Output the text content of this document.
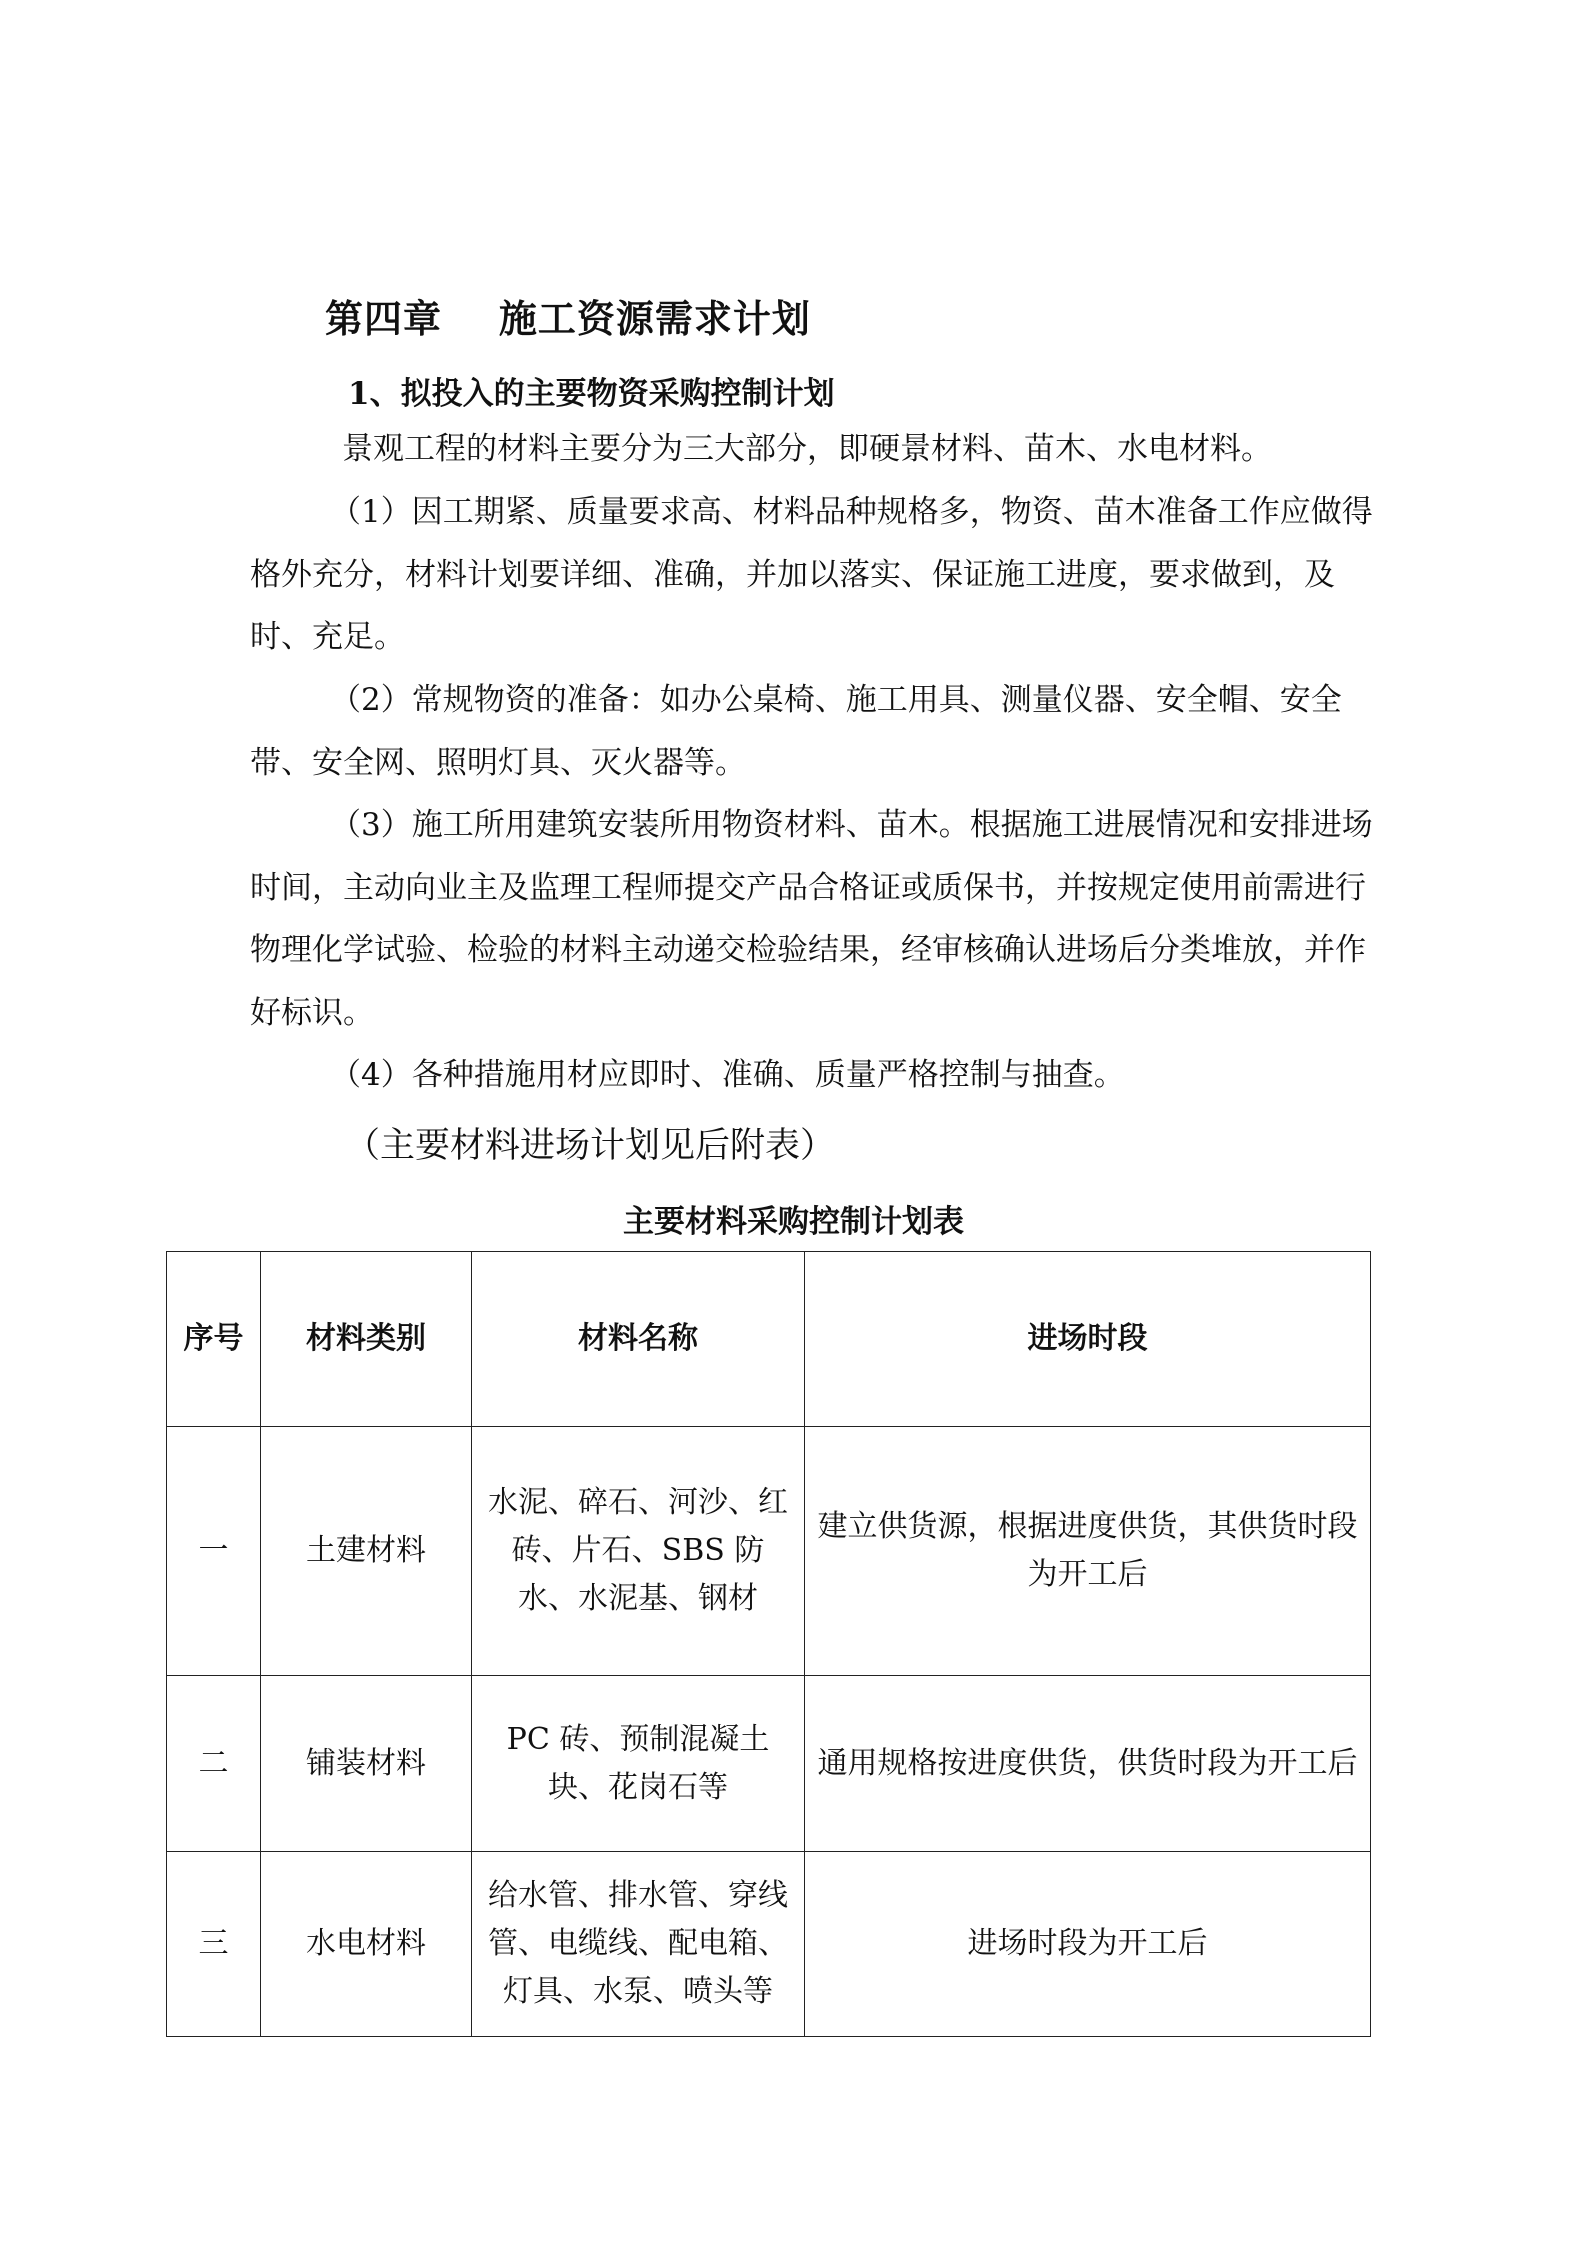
第四章    施工资源需求计划
1、拟投入的主要物资采购控制计划
景观工程的材料主要分为三大部分，即硬景材料、苗木、水电材料。
（1）因工期紧、质量要求高、材料品种规格多，物资、苗木准备工作应做得格外充分，材料计划要详细、准确，并加以落实、保证施工进度，要求做到，及时、充足。
（2）常规物资的准备：如办公桌椅、施工用具、测量仪器、安全帽、安全带、安全网、照明灯具、灭火器等。
（3）施工所用建筑安装所用物资材料、苗木。根据施工进展情况和安排进场时间，主动向业主及监理工程师提交产品合格证或质保书，并按规定使用前需进行物理化学试验、检验的材料主动递交检验结果，经审核确认进场后分类堆放，并作好标识。
（4）各种措施用材应即时、准确、质量严格控制与抽查。
（主要材料进场计划见后附表）
主要材料采购控制计划表
序号	材料类别	材料名称	进场时段
一	土建材料	水泥、碎石、河沙、红砖、片石、SBS 防水、水泥基、钢材	建立供货源，根据进度供货，其供货时段为开工后
二	铺装材料	PC 砖、预制混凝土块、花岗石等	通用规格按进度供货，供货时段为开工后
三	水电材料	给水管、排水管、穿线管、电缆线、配电箱、灯具、水泵、喷头等	进场时段为开工后
